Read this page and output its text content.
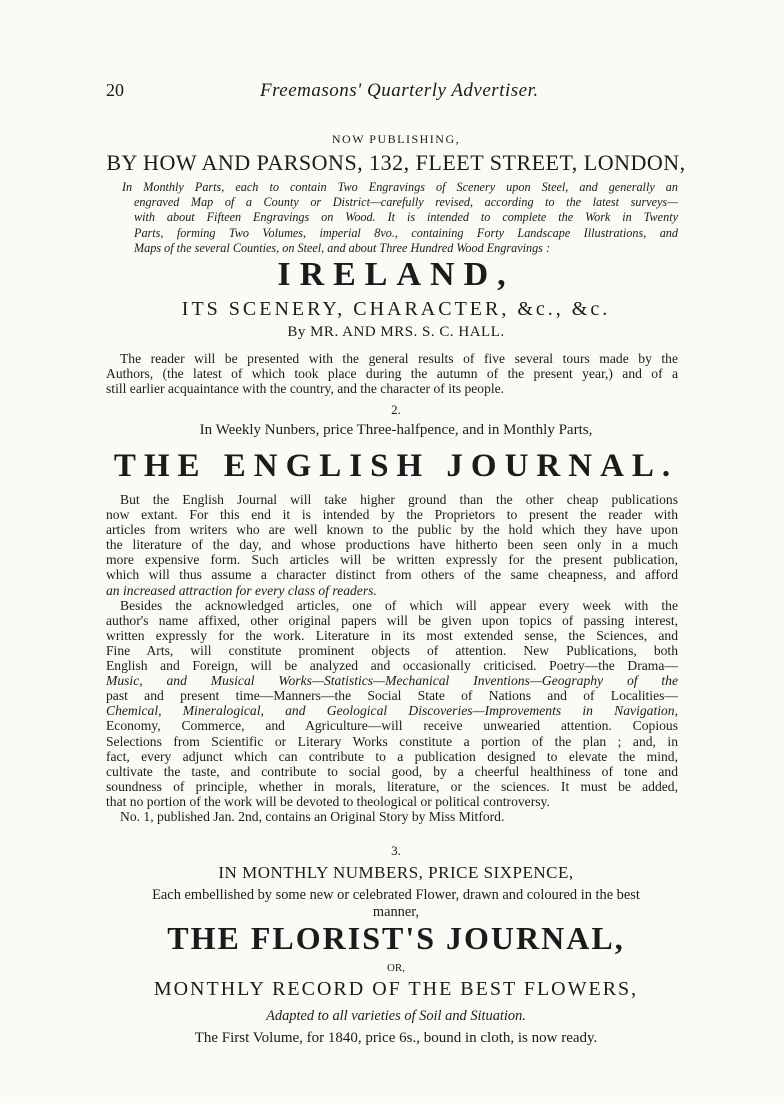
20	Freemasons' Quarterly Advertiser.
NOW PUBLISHING,
BY HOW AND PARSONS, 132, FLEET STREET, LONDON,
In Monthly Parts, each to contain Two Engravings of Scenery upon Steel, and generally an
engraved Map of a County or District—carefully revised, according to the latest surveys—
with about Fifteen Engravings on Wood. It is intended to complete the Work in Twenty
Parts, forming Two Volumes, imperial 8vo., containing Forty Landscape Illustrations, and
Maps of the several Counties, on Steel, and about Three Hundred Wood Engravings :
IRELAND,
ITS SCENERY, CHARACTER, &c., &c.
By MR. AND MRS. S. C. HALL.
The reader will be presented with the general results of five several tours made by the
Authors, (the latest of which took place during the autumn of the present year,) and of a
still earlier acquaintance with the country, and the character of its people.
2.
In Weekly Nunbers, price Three-halfpence, and in Monthly Parts,
THE ENGLISH JOURNAL.
But the English Journal will take higher ground than the other cheap publications
now extant. For this end it is intended by the Proprietors to present the reader with
articles from writers who are well known to the public by the hold which they have upon
the literature of the day, and whose productions have hitherto been seen only in a much
more expensive form. Such articles will be written expressly for the present publication,
which will thus assume a character distinct from others of the same cheapness, and afford
an increased attraction for every class of readers.
Besides the acknowledged articles, one of which will appear every week with the
author's name affixed, other original papers will be given upon topics of passing interest,
written expressly for the work. Literature in its most extended sense, the Sciences, and
Fine Arts, will constitute prominent objects of attention. New Publications, both
English and Foreign, will be analyzed and occasionally criticised. Poetry—the Drama—
Music, and Musical Works—Statistics—Mechanical Inventions—Geography of the
past and present time—Manners—the Social State of Nations and of Localities—
Chemical, Mineralogical, and Geological Discoveries—Improvements in Navigation,
Economy, Commerce, and Agriculture—will receive unwearied attention. Copious
Selections from Scientific or Literary Works constitute a portion of the plan ; and, in
fact, every adjunct which can contribute to a publication designed to elevate the mind,
cultivate the taste, and contribute to social good, by a cheerful healthiness of tone and
soundness of principle, whether in morals, literature, or the sciences. It must be added,
that no portion of the work will be devoted to theological or political controversy.
No. 1, published Jan. 2nd, contains an Original Story by Miss Mitford.
3.
IN MONTHLY NUMBERS, PRICE SIXPENCE,
Each embellished by some new or celebrated Flower, drawn and coloured in the best
manner,
THE FLORIST'S JOURNAL,
OR,
MONTHLY RECORD OF THE BEST FLOWERS,
Adapted to all varieties of Soil and Situation.
The First Volume, for 1840, price 6s., bound in cloth, is now ready.
